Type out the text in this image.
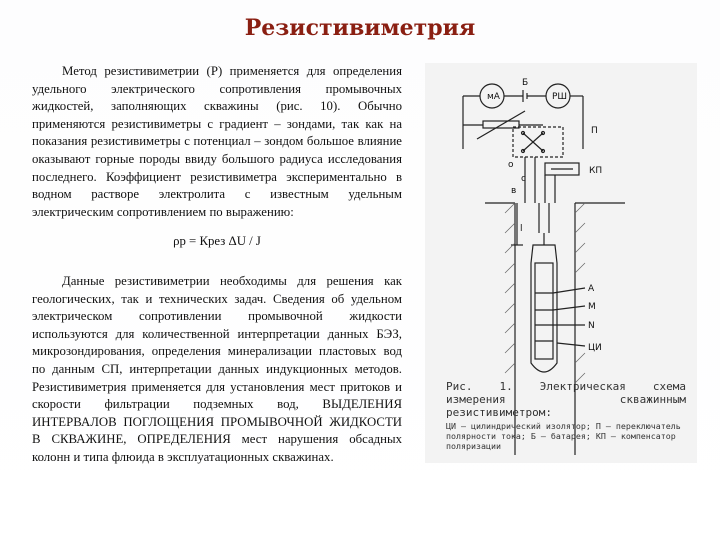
Резистивиметрия

Метод резистивиметрии (Р) применяется для определения удельного электрического сопротивления промывочных жидкостей, заполняющих скважины (рис. 10). Обычно применяются резистивиметры с градиент – зондами, так как на показания резистивиметры с потенциал – зондом большое влияние оказывают горные породы ввиду большого радиуса исследования последнего. Коэффициент резистивиметра экспериментально в водном растворе электролита с известным удельным электрическим сопротивлением по выражению:

ρр = Крез ΔU / J

Данные резистивиметрии необходимы для решения как геологических, так и технических задач. Сведения об удельном электрическом сопротивлении промывочной жидкости используются для количественной интерпретации данных БЭЗ, микрозондирования, определения минерализации пластовых вод по данным СП, интерпретации данных индукционных методов. Резистивиметрия применяется для установления мест притоков и скорости фильтрации подземных вод, ВЫДЕЛЕНИЯ ИНТЕРВАЛОВ ПОГЛОЩЕНИЯ ПРОМЫВОЧНОЙ ЖИДКОСТИ В СКВАЖИНЕ, ОПРЕДЕЛЕНИЯ мест нарушения обсадных колонн и типа флюида в эксплуатационных скважинах.

мА	РШ
Б
П
КП
А
М
N
ЦИ
l
о
в
с
Рис. 1. Электрическая схема измерения скважинным резистивиметром:
ЦИ — цилиндрический изолятор; П — переключатель полярности тока; Б — батарея; КП — компенсатор поляризации
